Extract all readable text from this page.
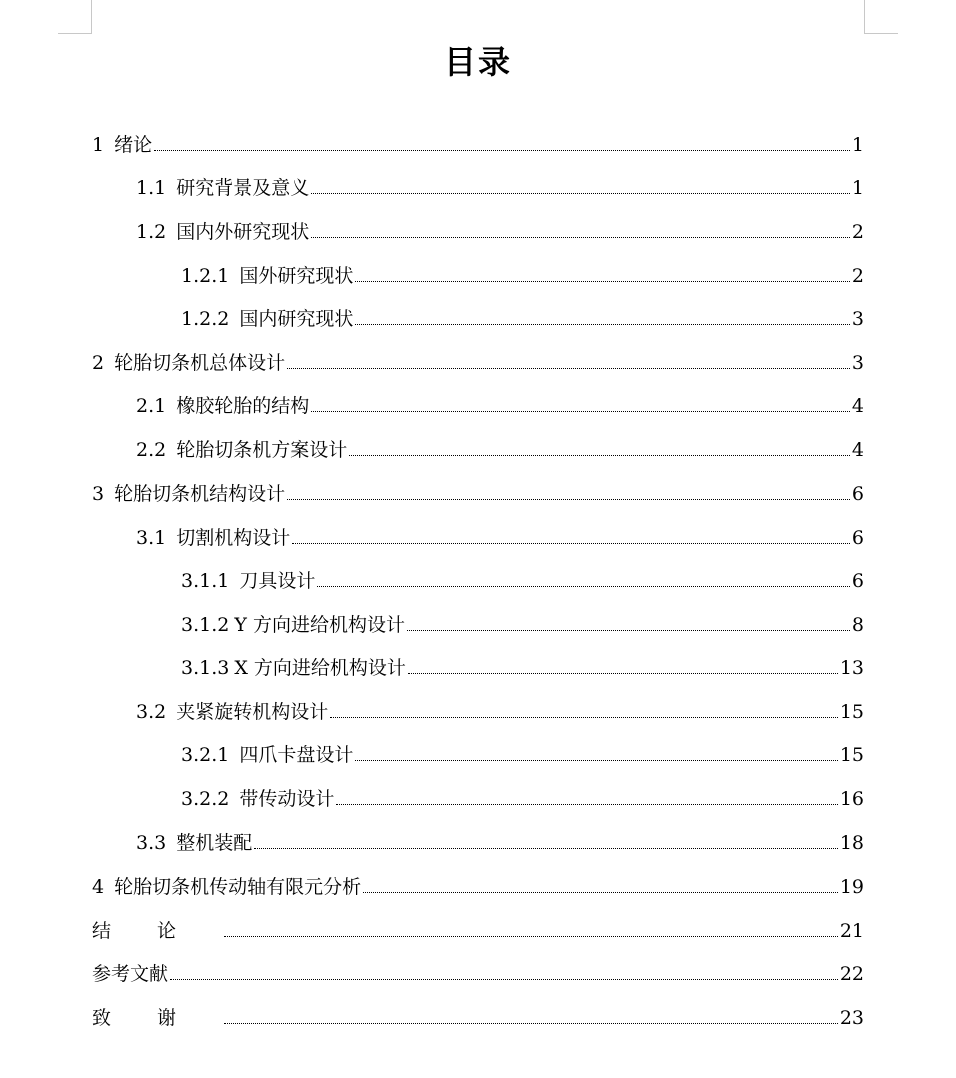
目录
1 绪论	1
1.1 研究背景及意义	1
1.2 国内外研究现状	2
1.2.1 国外研究现状	2
1.2.2 国内研究现状	3
2 轮胎切条机总体设计	3
2.1 橡胶轮胎的结构	4
2.2 轮胎切条机方案设计	4
3 轮胎切条机结构设计	6
3.1 切割机构设计	6
3.1.1 刀具设计	6
3.1.2 Y 方向进给机构设计	8
3.1.3 X 方向进给机构设计	13
3.2 夹紧旋转机构设计	15
3.2.1 四爪卡盘设计	15
3.2.2 带传动设计	16
3.3 整机装配	18
4 轮胎切条机传动轴有限元分析	19
结论	21
参考文献	22
致谢	23
